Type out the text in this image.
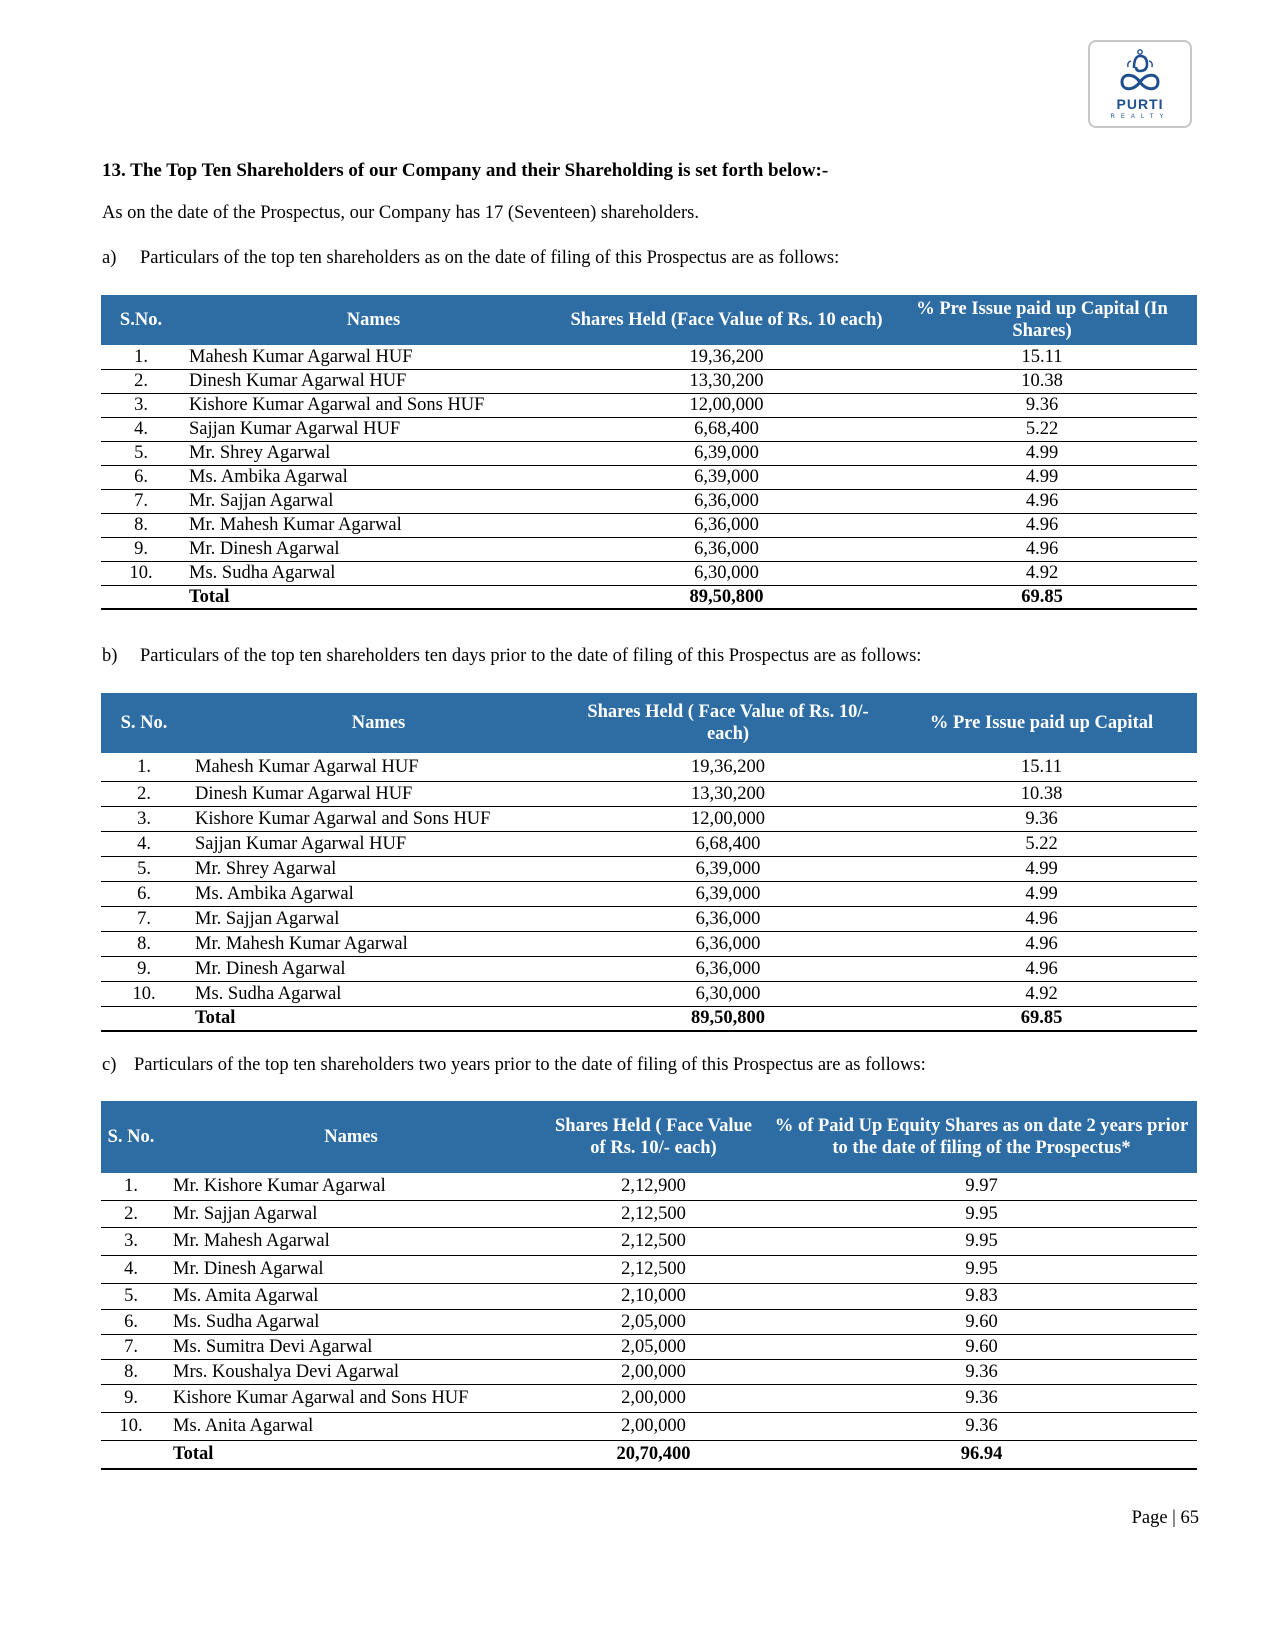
PURTI
REALTY
13. The Top Ten Shareholders of our Company and their Shareholding is set forth below:-
As on the date of the Prospectus, our Company has 17 (Seventeen) shareholders.
a) Particulars of the top ten shareholders as on the date of filing of this Prospectus are as follows:
S.No.	Names	Shares Held (Face Value of Rs. 10 each)	% Pre Issue paid up Capital (In Shares)
1.	Mahesh Kumar Agarwal HUF	19,36,200	15.11
2.	Dinesh Kumar Agarwal HUF	13,30,200	10.38
3.	Kishore Kumar Agarwal and Sons HUF	12,00,000	9.36
4.	Sajjan Kumar Agarwal HUF	6,68,400	5.22
5.	Mr. Shrey Agarwal	6,39,000	4.99
6.	Ms. Ambika Agarwal	6,39,000	4.99
7.	Mr. Sajjan Agarwal	6,36,000	4.96
8.	Mr. Mahesh Kumar Agarwal	6,36,000	4.96
9.	Mr. Dinesh Agarwal	6,36,000	4.96
10.	Ms. Sudha Agarwal	6,30,000	4.92
	Total	89,50,800	69.85
b) Particulars of the top ten shareholders ten days prior to the date of filing of this Prospectus are as follows:
S. No.	Names	Shares Held ( Face Value of Rs. 10/- each)	% Pre Issue paid up Capital
1.	Mahesh Kumar Agarwal HUF	19,36,200	15.11
2.	Dinesh Kumar Agarwal HUF	13,30,200	10.38
3.	Kishore Kumar Agarwal and Sons HUF	12,00,000	9.36
4.	Sajjan Kumar Agarwal HUF	6,68,400	5.22
5.	Mr. Shrey Agarwal	6,39,000	4.99
6.	Ms. Ambika Agarwal	6,39,000	4.99
7.	Mr. Sajjan Agarwal	6,36,000	4.96
8.	Mr. Mahesh Kumar Agarwal	6,36,000	4.96
9.	Mr. Dinesh Agarwal	6,36,000	4.96
10.	Ms. Sudha Agarwal	6,30,000	4.92
	Total	89,50,800	69.85
c) Particulars of the top ten shareholders two years prior to the date of filing of this Prospectus are as follows:
S. No.	Names	Shares Held ( Face Value of Rs. 10/- each)	% of Paid Up Equity Shares as on date 2 years prior to the date of filing of the Prospectus*
1.	Mr. Kishore Kumar Agarwal	2,12,900	9.97
2.	Mr. Sajjan Agarwal	2,12,500	9.95
3.	Mr. Mahesh Agarwal	2,12,500	9.95
4.	Mr. Dinesh Agarwal	2,12,500	9.95
5.	Ms. Amita Agarwal	2,10,000	9.83
6.	Ms. Sudha Agarwal	2,05,000	9.60
7.	Ms. Sumitra Devi Agarwal	2,05,000	9.60
8.	Mrs. Koushalya Devi Agarwal	2,00,000	9.36
9.	Kishore Kumar Agarwal and Sons HUF	2,00,000	9.36
10.	Ms. Anita Agarwal	2,00,000	9.36
	Total	20,70,400	96.94
Page | 65
